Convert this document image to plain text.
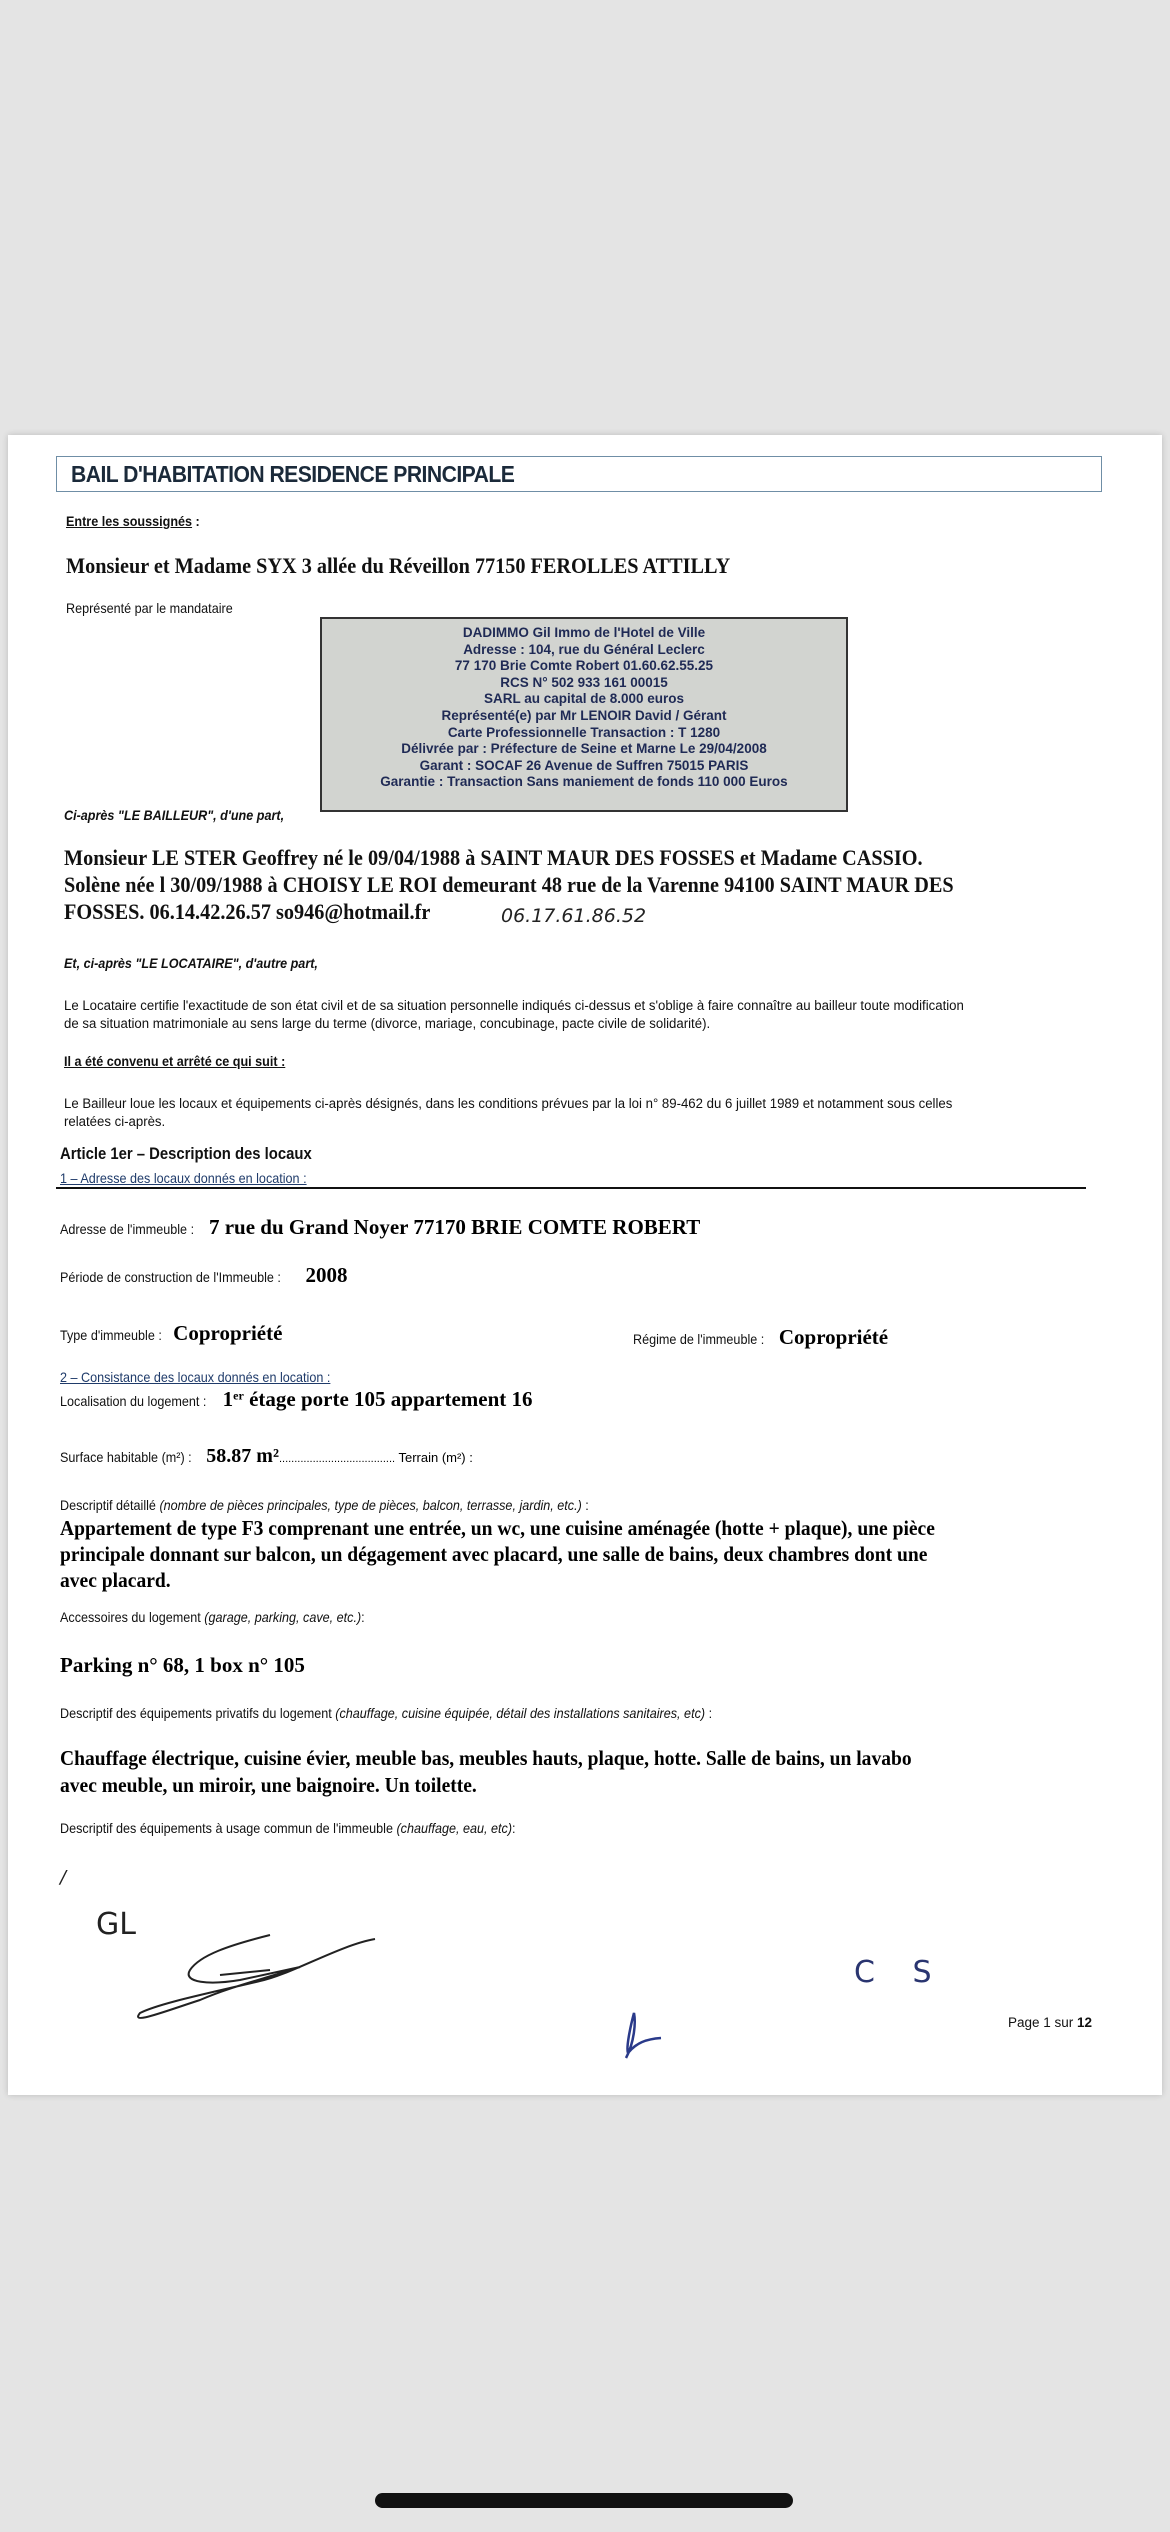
BAIL D'HABITATION RESIDENCE PRINCIPALE
Entre les soussignés :
Monsieur et Madame SYX 3 allée du Réveillon 77150 FEROLLES ATTILLY
Représenté par le mandataire
DADIMMO Gil Immo de l'Hotel de Ville
Adresse : 104, rue du Général Leclerc
77 170 Brie Comte Robert 01.60.62.55.25
RCS N° 502 933 161 00015
SARL au capital de 8.000 euros
Représenté(e) par Mr LENOIR David / Gérant
Carte Professionnelle Transaction : T 1280
Délivrée par : Préfecture de Seine et Marne Le 29/04/2008
Garant : SOCAF 26 Avenue de Suffren 75015 PARIS
Garantie : Transaction Sans maniement de fonds 110 000 Euros
Ci-après "LE BAILLEUR", d'une part,
Monsieur LE STER Geoffrey né le 09/04/1988 à SAINT MAUR DES FOSSES et Madame CASSIO.
Solène née l 30/09/1988 à CHOISY LE ROI demeurant 48 rue de la Varenne 94100 SAINT MAUR DES
FOSSES. 06.14.42.26.57 so946@hotmail.fr	06.17.61.86.52
Et, ci-après "LE LOCATAIRE", d'autre part,
Le Locataire certifie l'exactitude de son état civil et de sa situation personnelle indiqués ci-dessus et s'oblige à faire connaître au bailleur toute modification
de sa situation matrimoniale au sens large du terme (divorce, mariage, concubinage, pacte civile de solidarité).
Il a été convenu et arrêté ce qui suit :
Le Bailleur loue les locaux et équipements ci-après désignés, dans les conditions prévues par la loi n° 89-462 du 6 juillet 1989 et notamment sous celles
relatées ci-après.
Article 1er – Description des locaux
1 – Adresse des locaux donnés en location :
Adresse de l'immeuble :7 rue du Grand Noyer 77170 BRIE COMTE ROBERT
Période de construction de l'Immeuble :2008
Type d'immeuble :Copropriété	Régime de l'immeuble :Copropriété
2 – Consistance des locaux donnés en location :
Localisation du logement :1er étage porte 105 appartement 16
Surface habitable (m²) :58.87 m²...................................... Terrain (m²) :
Descriptif détaillé (nombre de pièces principales, type de pièces, balcon, terrasse, jardin, etc.) :
Appartement de type F3 comprenant une entrée, un wc, une cuisine aménagée (hotte + plaque), une pièce
principale donnant sur balcon, un dégagement avec placard, une salle de bains, deux chambres dont une
avec placard.
Accessoires du logement (garage, parking, cave, etc.):
Parking n° 68, 1 box n° 105
Descriptif des équipements privatifs du logement (chauffage, cuisine équipée, détail des installations sanitaires, etc) :
Chauffage électrique, cuisine évier, meuble bas, meubles hauts, plaque, hotte. Salle de bains, un lavabo
avec meuble, un miroir, une baignoire. Un toilette.
Descriptif des équipements à usage commun de l'immeuble (chauffage, eau, etc):
/
GL
C S
Page 1 sur 12
